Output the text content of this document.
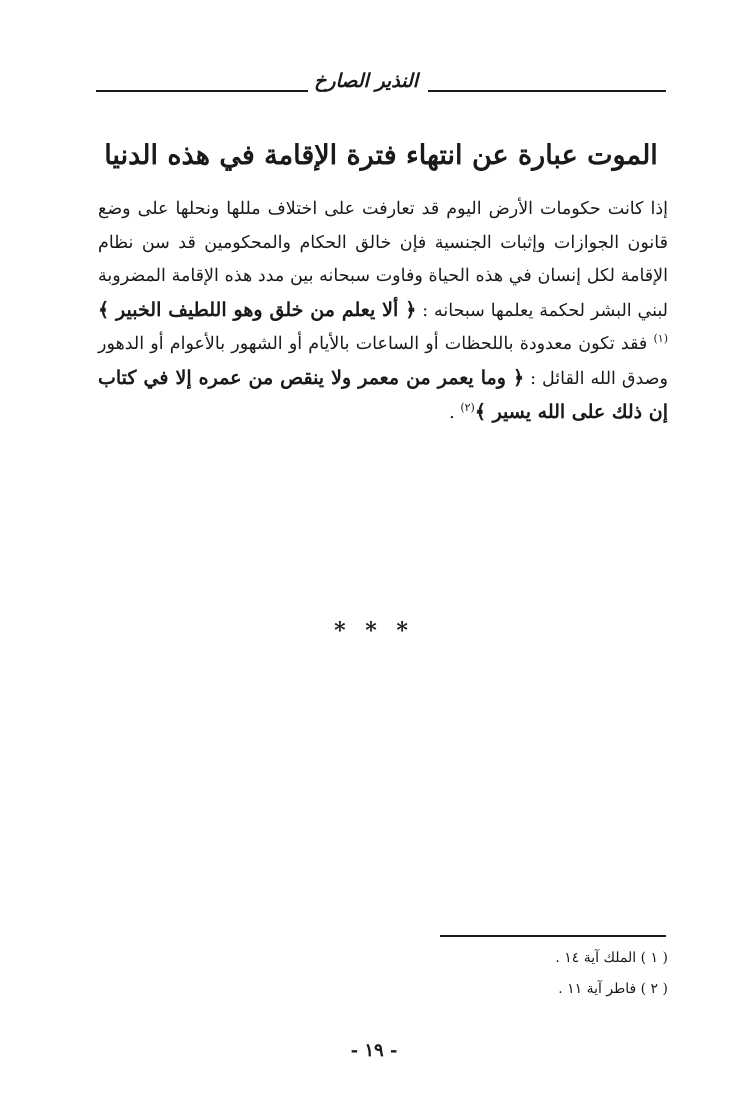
النذير الصارخ
الموت عبارة عن انتهاء فترة الإقامة في هذه الدنيا

إذا كانت حكومات الأرض اليوم قد تعارفت على اختلاف مللها ونحلها على وضع قانون الجوازات وإثبات الجنسية فإن خالق الحكام والمحكومين قد سن نظام الإقامة لكل إنسان في هذه الحياة وفاوت سبحانه بين مدد هذه الإقامة المضروبة لبني البشر لحكمة يعلمها سبحانه : ﴿ ألا يعلم من خلق وهو اللطيف الخبير ﴾$^{(١)}$ فقد تكون معدودة باللحظات أو الساعات بالأيام أو الشهور بالأعوام أو الدهور وصدق الله القائل : ﴿ وما يعمر من معمر ولا ينقص من عمره إلا في كتاب إن ذلك على الله يسير ﴾$^{(٢)}$ .

* * *
( ١ ) الملك آية ١٤ .
( ٢ ) فاطر آية ١١ .
- ١٩ -
